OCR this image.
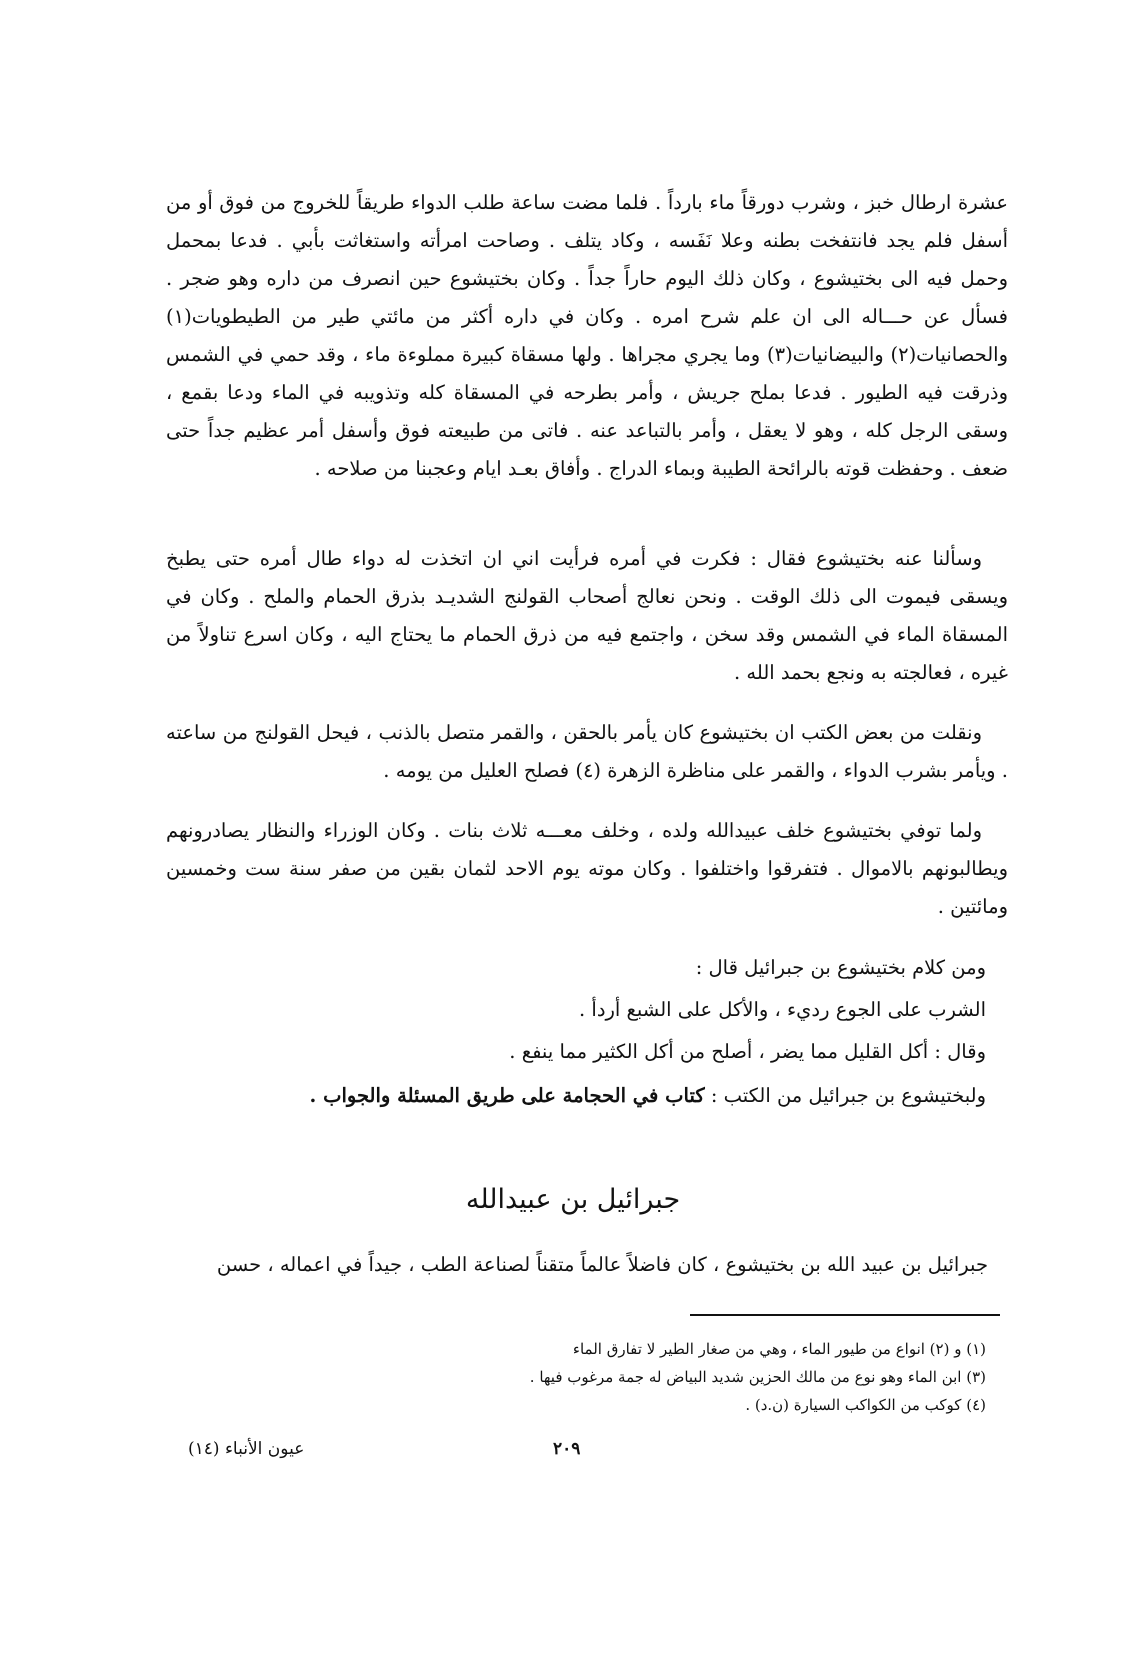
عشرة ارطال خبز ، وشرب دورقاً ماء بارداً . فلما مضت ساعة طلب الدواء طريقاً للخروج من فوق أو من أسفل فلم يجد فانتفخت بطنه وعلا نَفَسه ، وكاد يتلف . وصاحت امرأته واستغاثت بأبي . فدعا بمحمل وحمل فيه الى بختيشوع ، وكان ذلك اليوم حاراً جداً . وكان بختيشوع حين انصرف من داره وهو ضجر . فسأل عن حـــاله الى ان علم شرح امره . وكان في داره أكثر من مائتي طير من الطيطويات(١) والحصانيات(٢) والبيضانيات(٣) وما يجري مجراها . ولها مسقاة كبيرة مملوءة ماء ، وقد حمي في الشمس وذرقت فيه الطيور . فدعا بملح جريش ، وأمر بطرحه في المسقاة كله وتذويبه في الماء ودعا بقمع ، وسقى الرجل كله ، وهو لا يعقل ، وأمر بالتباعد عنه . فاتى من طبيعته فوق وأسفل أمر عظيم جداً حتى ضعف . وحفظت قوته بالرائحة الطيبة وبماء الدراج . وأفاق بعـد ايام وعجبنا من صلاحه .

وسألنا عنه بختيشوع فقال : فكرت في أمره فرأيت اني ان اتخذت له دواء طال أمره حتى يطبخ ويسقى فيموت الى ذلك الوقت . ونحن نعالج أصحاب القولنج الشديـد بذرق الحمام والملح . وكان في المسقاة الماء في الشمس وقد سخن ، واجتمع فيه من ذرق الحمام ما يحتاج اليه ، وكان اسرع تناولاً من غيره ، فعالجته به ونجع بحمد الله .

ونقلت من بعض الكتب ان بختيشوع كان يأمر بالحقن ، والقمر متصل بالذنب ، فيحل القولنج من ساعته . ويأمر بشرب الدواء ، والقمر على مناظرة الزهرة (٤) فصلح العليل من يومه .

ولما توفي بختيشوع خلف عبيدالله ولده ، وخلف معـــه ثلاث بنات . وكان الوزراء والنظار يصادرونهم ويطالبونهم بالاموال . فتفرقوا واختلفوا . وكان موته يوم الاحد لثمان بقين من صفر سنة ست وخمسين ومائتين .

ومن كلام بختيشوع بن جبرائيل قال :

الشرب على الجوع رديء ، والأكل على الشبع أردأ .

وقال : أكل القليل مما يضر ، أصلح من أكل الكثير مما ينفع .

ولبختيشوع بن جبرائيل من الكتب : كتاب في الحجامة على طريق المسئلة والجواب .

جبرائيل بن عبيدالله

جبرائيل بن عبيد الله بن بختيشوع ، كان فاضلاً عالماً متقناً لصناعة الطب ، جيداً في اعماله ، حسن

(١) و (٢) انواع من طيور الماء ، وهي من صغار الطير لا تفارق الماء

(٣) ابن الماء وهو نوع من مالك الحزين شديد البياض له جمة مرغوب فيها .

(٤) كوكب من الكواكب السيارة (ن.د) .

عيون الأنباء (١٤)	٢٠٩
